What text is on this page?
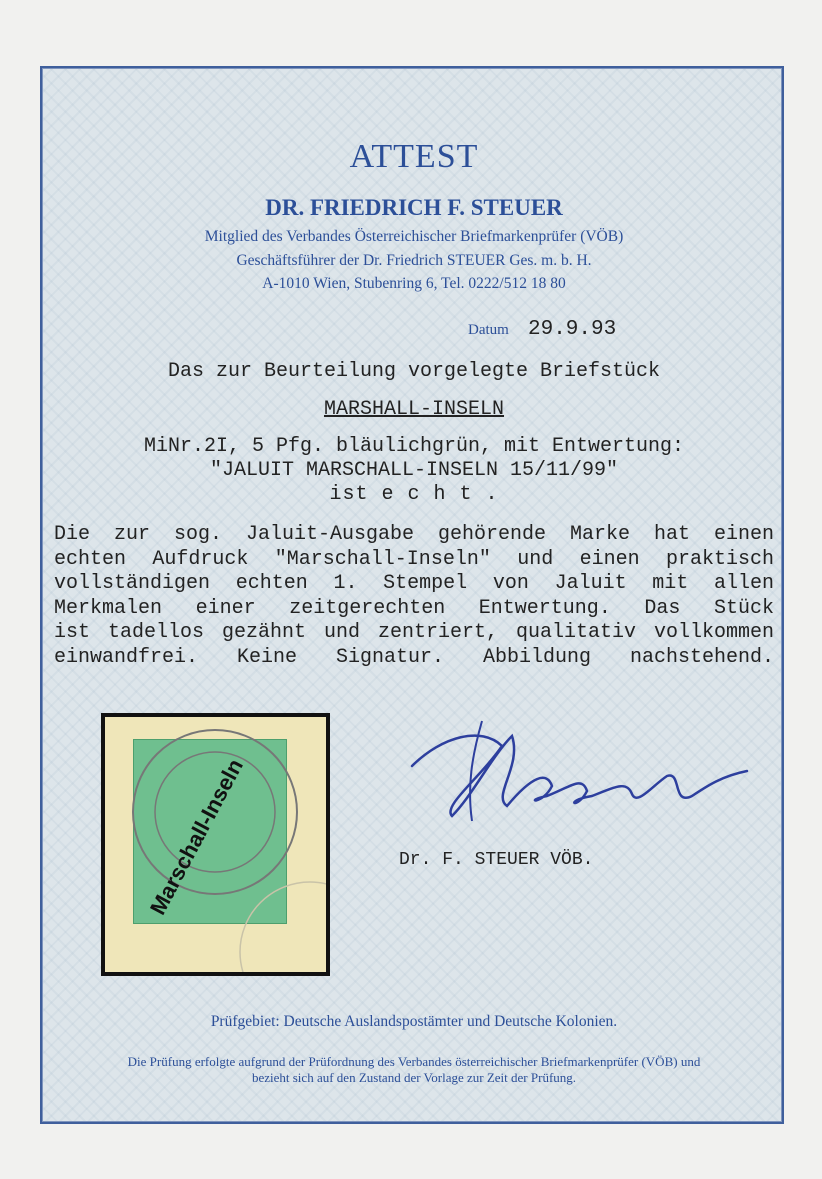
ATTEST
DR. FRIEDRICH F. STEUER
Mitglied des Verbandes Österreichischer Briefmarkenprüfer (VÖB)
Geschäftsführer der Dr. Friedrich STEUER Ges. m. b. H.
A-1010 Wien, Stubenring 6, Tel. 0222/512 18 80
Datum 29.9.93
Das zur Beurteilung vorgelegte Briefstück
MARSHALL-INSELN
MiNr.2I, 5 Pfg. bläulichgrün, mit Entwertung:
"JALUIT MARSCHALL-INSELN 15/11/99"
ist e c h t .
Die zur sog. Jaluit-Ausgabe gehörende Marke hat einen
echten Aufdruck "Marschall-Inseln" und einen praktisch
vollständigen echten 1. Stempel von Jaluit mit allen
Merkmalen einer zeitgerechten Entwertung. Das Stück
ist tadellos gezähnt und zentriert, qualitativ vollkommen
einwandfrei. Keine Signatur. Abbildung nachstehend.
Marschall-Inseln	Dr. F. STEUER VÖB.
Prüfgebiet: Deutsche Auslandspostämter und Deutsche Kolonien.
Die Prüfung erfolgte aufgrund der Prüfordnung des Verbandes österreichischer Briefmarkenprüfer (VÖB) und bezieht sich auf den Zustand der Vorlage zur Zeit der Prüfung.
